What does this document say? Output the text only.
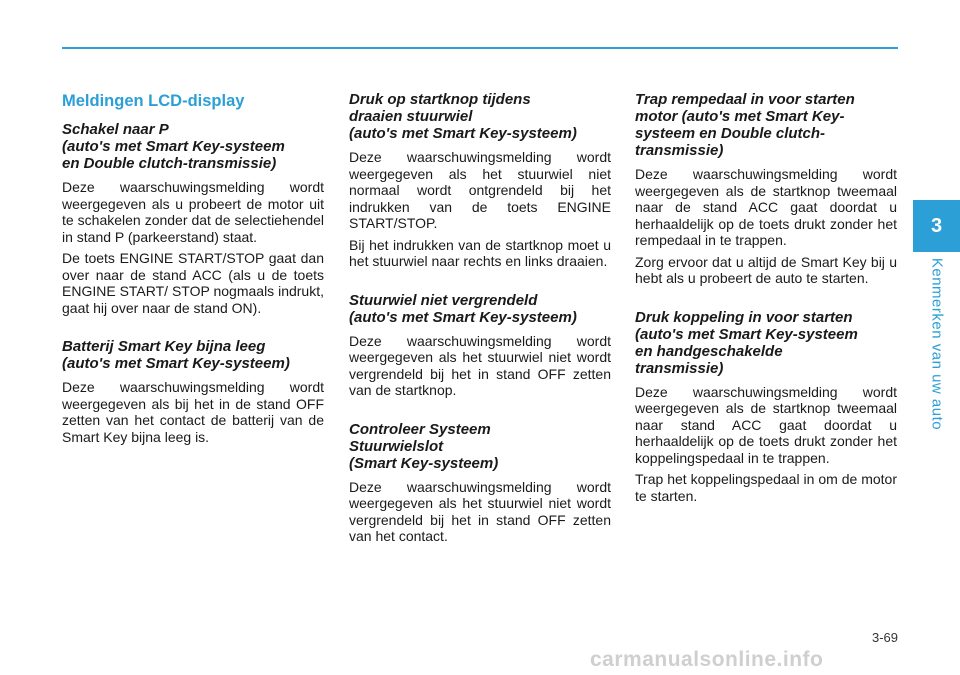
Meldingen LCD-display
Schakel naar P
(auto's met Smart Key-systeem
en Double clutch-transmissie)

Deze waarschuwingsmelding wordt weergegeven als u probeert de motor uit te schakelen zonder dat de selectiehendel in stand P (parkeerstand) staat.

De toets ENGINE START/STOP gaat dan over naar de stand ACC (als u de toets ENGINE START/ STOP nogmaals indrukt, gaat hij over naar de stand ON).

Batterij Smart Key bijna leeg
(auto's met Smart Key-systeem)

Deze waarschuwingsmelding wordt weergegeven als bij het in de stand OFF zetten van het contact de batterij van de Smart Key bijna leeg is.

Druk op startknop tijdens
draaien stuurwiel
(auto's met Smart Key-systeem)

Deze waarschuwingsmelding wordt weergegeven als het stuurwiel niet normaal wordt ontgrendeld bij het indrukken van de toets ENGINE START/STOP.

Bij het indrukken van de startknop moet u het stuurwiel naar rechts en links draaien.

Stuurwiel niet vergrendeld
(auto's met Smart Key-systeem)

Deze waarschuwingsmelding wordt weergegeven als het stuurwiel niet wordt vergrendeld bij het in stand OFF zetten van de startknop.

Controleer Systeem
Stuurwielslot
(Smart Key-systeem)

Deze waarschuwingsmelding wordt weergegeven als het stuurwiel niet wordt vergrendeld bij het in stand OFF zetten van het contact.

Trap rempedaal in voor starten
motor (auto's met Smart Key-
systeem en Double clutch-
transmissie)

Deze waarschuwingsmelding wordt weergegeven als de startknop tweemaal naar de stand ACC gaat doordat u herhaaldelijk op de toets drukt zonder het rempedaal in te trappen.

Zorg ervoor dat u altijd de Smart Key bij u hebt als u probeert de auto te starten.

Druk koppeling in voor starten
(auto's met Smart Key-systeem
en handgeschakelde
transmissie)

Deze waarschuwingsmelding wordt weergegeven als de startknop tweemaal naar stand ACC gaat doordat u herhaaldelijk op de toets drukt zonder het koppelingspedaal in te trappen.

Trap het koppelingspedaal in om de motor te starten.

3
Kenmerken van uw auto
3-69
carmanualsonline.info
